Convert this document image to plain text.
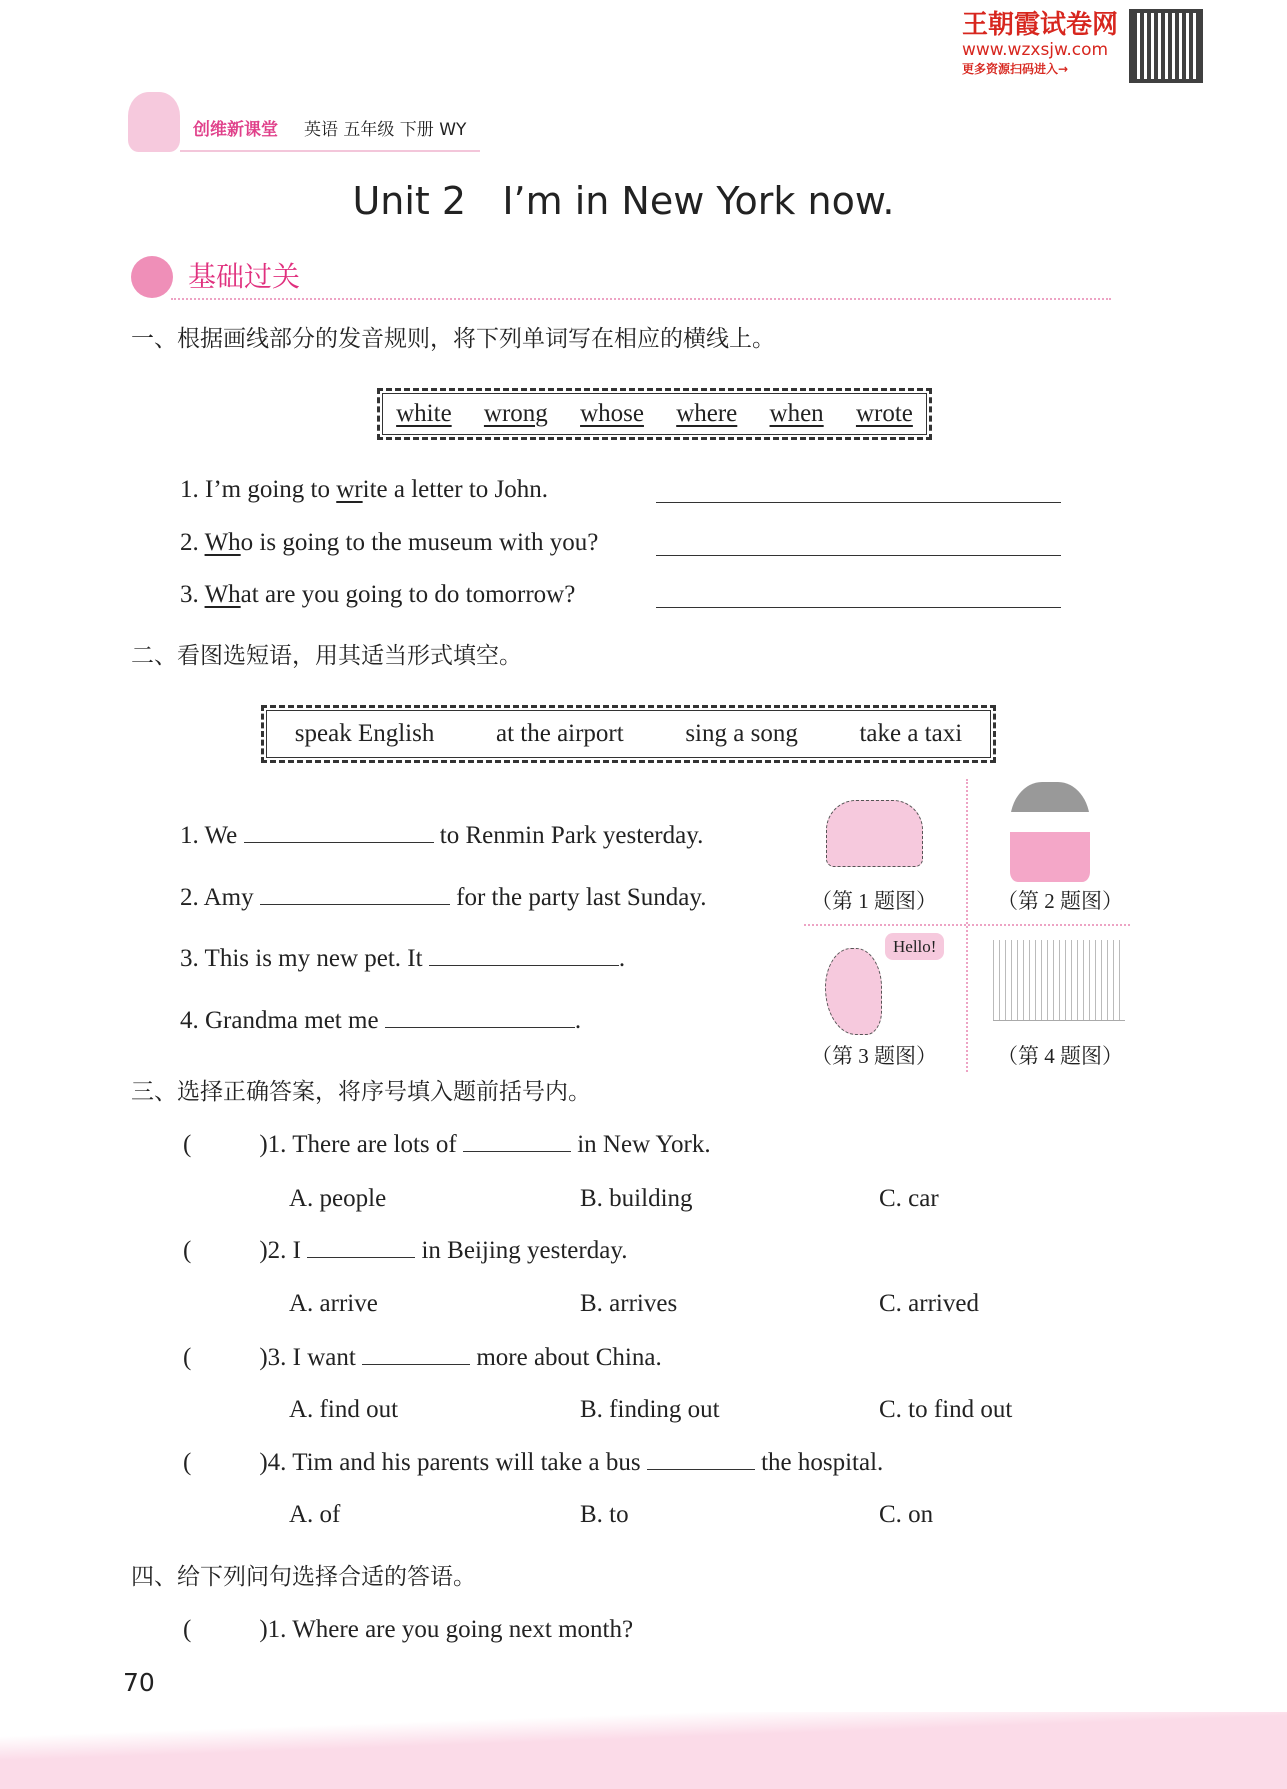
王朝霞试卷网
www.wzxsjw.com
更多资源扫码进入→
创维新课堂 英语 五年级 下册 WY
Unit 2   I’m in New York now.
基础过关
一、根据画线部分的发音规则，将下列单词写在相应的横线上。
white wrong whose where when wrote
1. I’m going to write a letter to John.
2. Who is going to the museum with you?
3. What are you going to do tomorrow?
二、看图选短语，用其适当形式填空。
speak English at the airport sing a song take a taxi
1. We	to Renmin Park yesterday.
2. Amy	for the party last Sunday.
3. This is my new pet. It	.
4. Grandma met me	.
（第 1 题图）	（第 2 题图）
Hello!
（第 3 题图）	（第 4 题图）
三、选择正确答案，将序号填入题前括号内。
(	)1. There are lots of	in New York.
A. people	B. building	C. car
(	)2. I	in Beijing yesterday.
A. arrive	B. arrives	C. arrived
(	)3. I want	more about China.
A. find out	B. finding out	C. to find out
(	)4. Tim and his parents will take a bus	the hospital.
A. of	B. to	C. on
四、给下列问句选择合适的答语。
(	)1. Where are you going next month?
70
